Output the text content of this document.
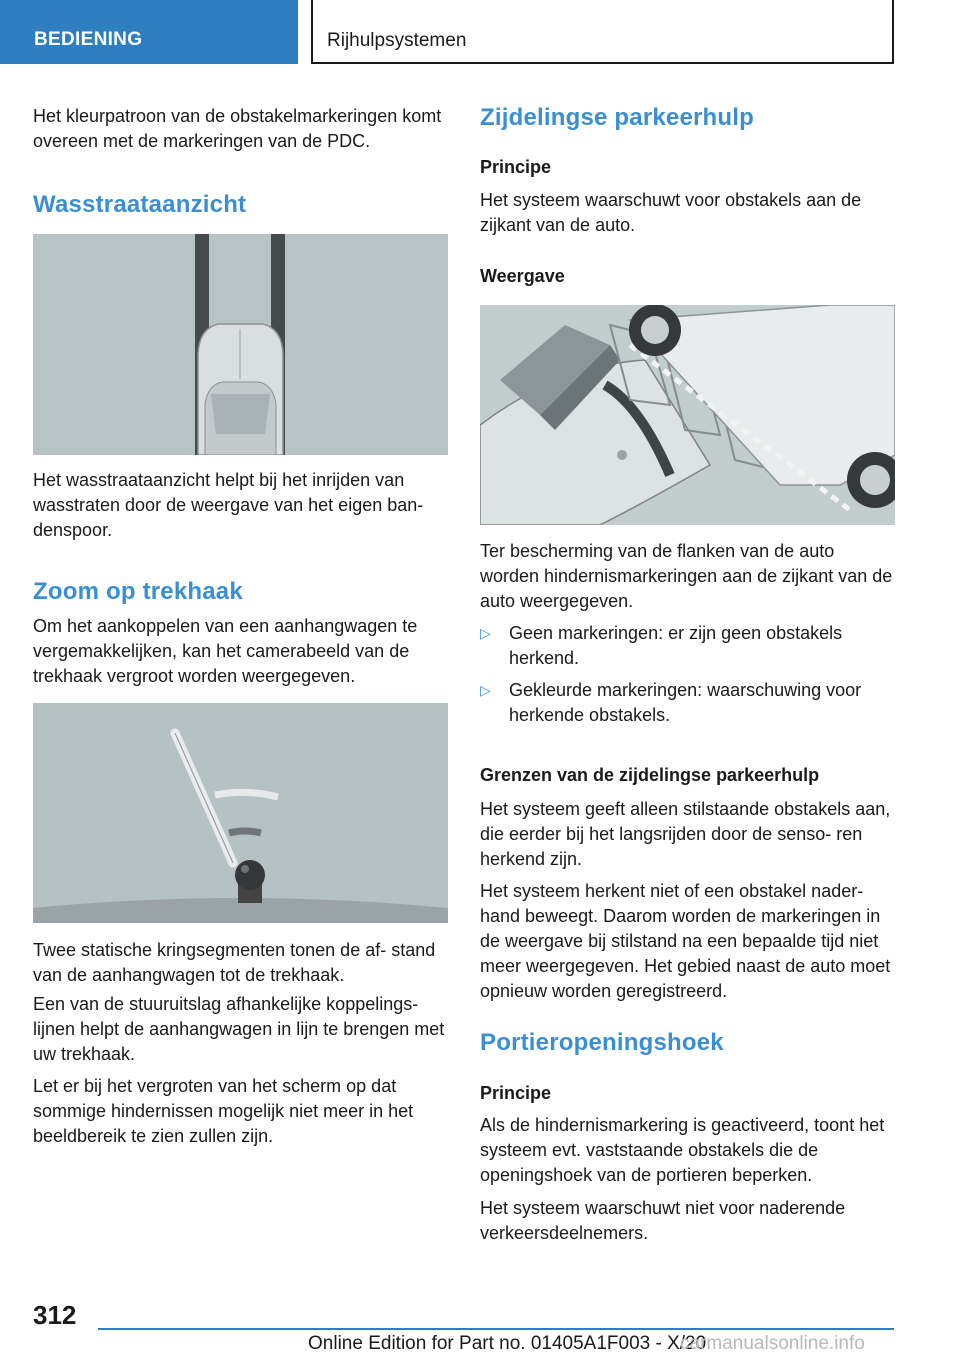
BEDIENING	Rijhulpsystemen

Het kleurpatroon van de obstakelmarkeringen komt overeen met de markeringen van de PDC.

Wasstraataanzicht

Het wasstraataanzicht helpt bij het inrijden van wasstraten door de weergave van het eigen ban- denspoor.

Zoom op trekhaak

Om het aankoppelen van een aanhangwagen te vergemakkelijken, kan het camerabeeld van de trekhaak vergroot worden weergegeven.

Twee statische kringsegmenten tonen de af- stand van de aanhangwagen tot de trekhaak.

Een van de stuuruitslag afhankelijke koppelings- lijnen helpt de aanhangwagen in lijn te brengen met uw trekhaak.

Let er bij het vergroten van het scherm op dat sommige hindernissen mogelijk niet meer in het beeldbereik te zien zullen zijn.

Zijdelingse parkeerhulp
Principe

Het systeem waarschuwt voor obstakels aan de zijkant van de auto.

Weergave

Ter bescherming van de flanken van de auto worden hindernismarkeringen aan de zijkant van de auto weergegeven.

▷ Geen markeringen: er zijn geen obstakels herkend.
▷ Gekleurde markeringen: waarschuwing voor herkende obstakels.
Grenzen van de zijdelingse parkeerhulp

Het systeem geeft alleen stilstaande obstakels aan, die eerder bij het langsrijden door de senso- ren herkend zijn.

Het systeem herkent niet of een obstakel nader- hand beweegt. Daarom worden de markeringen in de weergave bij stilstand na een bepaalde tijd niet meer weergegeven. Het gebied naast de auto moet opnieuw worden geregistreerd.

Portieropeningshoek
Principe

Als de hindernismarkering is geactiveerd, toont het systeem evt. vaststaande obstakels die de openingshoek van de portieren beperken.

Het systeem waarschuwt niet voor naderende verkeersdeelnemers.

312
Online Edition for Part no. 01405A1F003 - X/20
carmanualsonline.info
